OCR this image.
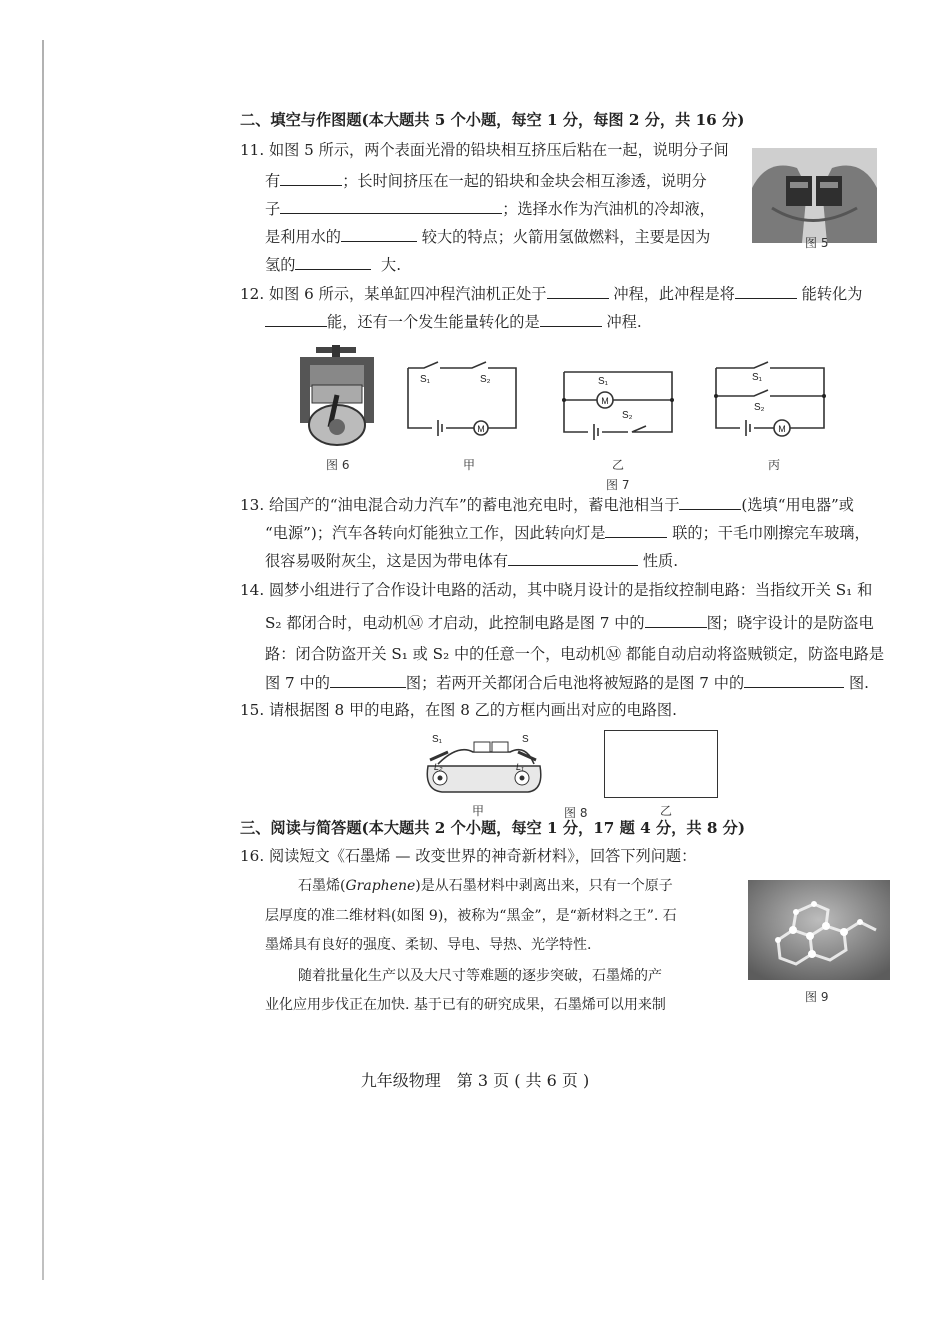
二、填空与作图题(本大题共 5 个小题，每空 1 分，每图 2 分，共 16 分)
11. 如图 5 所示，两个表面光滑的铅块相互挤压后粘在一起，说明分子间
有	；长时间挤压在一起的铅块和金块会相互渗透，说明分
子	；选择水作为汽油机的冷却液，
是利用水的	较大的特点；火箭用氢做燃料，主要是因为
氢的	大.
图 5
12. 如图 6 所示，某单缸四冲程汽油机正处于	冲程，此冲程是将	能转化为
能，还有一个发生能量转化的是	冲程.
图 6
M
S₁	S₂
甲
M
S₁
S₂
乙
M
S₁
S₂
丙
图 7
13. 给国产的“油电混合动力汽车”的蓄电池充电时，蓄电池相当于	(选填“用电器”或
“电源”)；汽车各转向灯能独立工作，因此转向灯是	联的；干毛巾刚擦完车玻璃，
很容易吸附灰尘，这是因为带电体有	性质.
14. 圆梦小组进行了合作设计电路的活动，其中晓月设计的是指纹控制电路：当指纹开关 S₁ 和
S₂ 都闭合时，电动机Ⓜ 才启动，此控制电路是图 7 中的	图；晓宇设计的是防盗电
路：闭合防盗开关 S₁ 或 S₂ 中的任意一个，电动机Ⓜ 都能自动启动将盗贼锁定，防盗电路是
图 7 中的	图；若两开关都闭合后电池将被短路的是图 7 中的	图.
15. 请根据图 8 甲的电路，在图 8 乙的方框内画出对应的电路图.
S₁	S
L₂	L₁
甲	图 8	乙
三、阅读与简答题(本大题共 2 个小题，每空 1 分，17 题 4 分，共 8 分)
16. 阅读短文《石墨烯 — 改变世界的神奇新材料》，回答下列问题：
石墨烯(Graphene)是从石墨材料中剥离出来，只有一个原子
层厚度的准二维材料(如图 9)，被称为“黑金”，是“新材料之王”. 石
墨烯具有良好的强度、柔韧、导电、导热、光学特性.
随着批量化生产以及大尺寸等难题的逐步突破，石墨烯的产
业化应用步伐正在加快. 基于已有的研究成果，石墨烯可以用来制	图 9
九年级物理　第 3 页 ( 共 6 页 )
